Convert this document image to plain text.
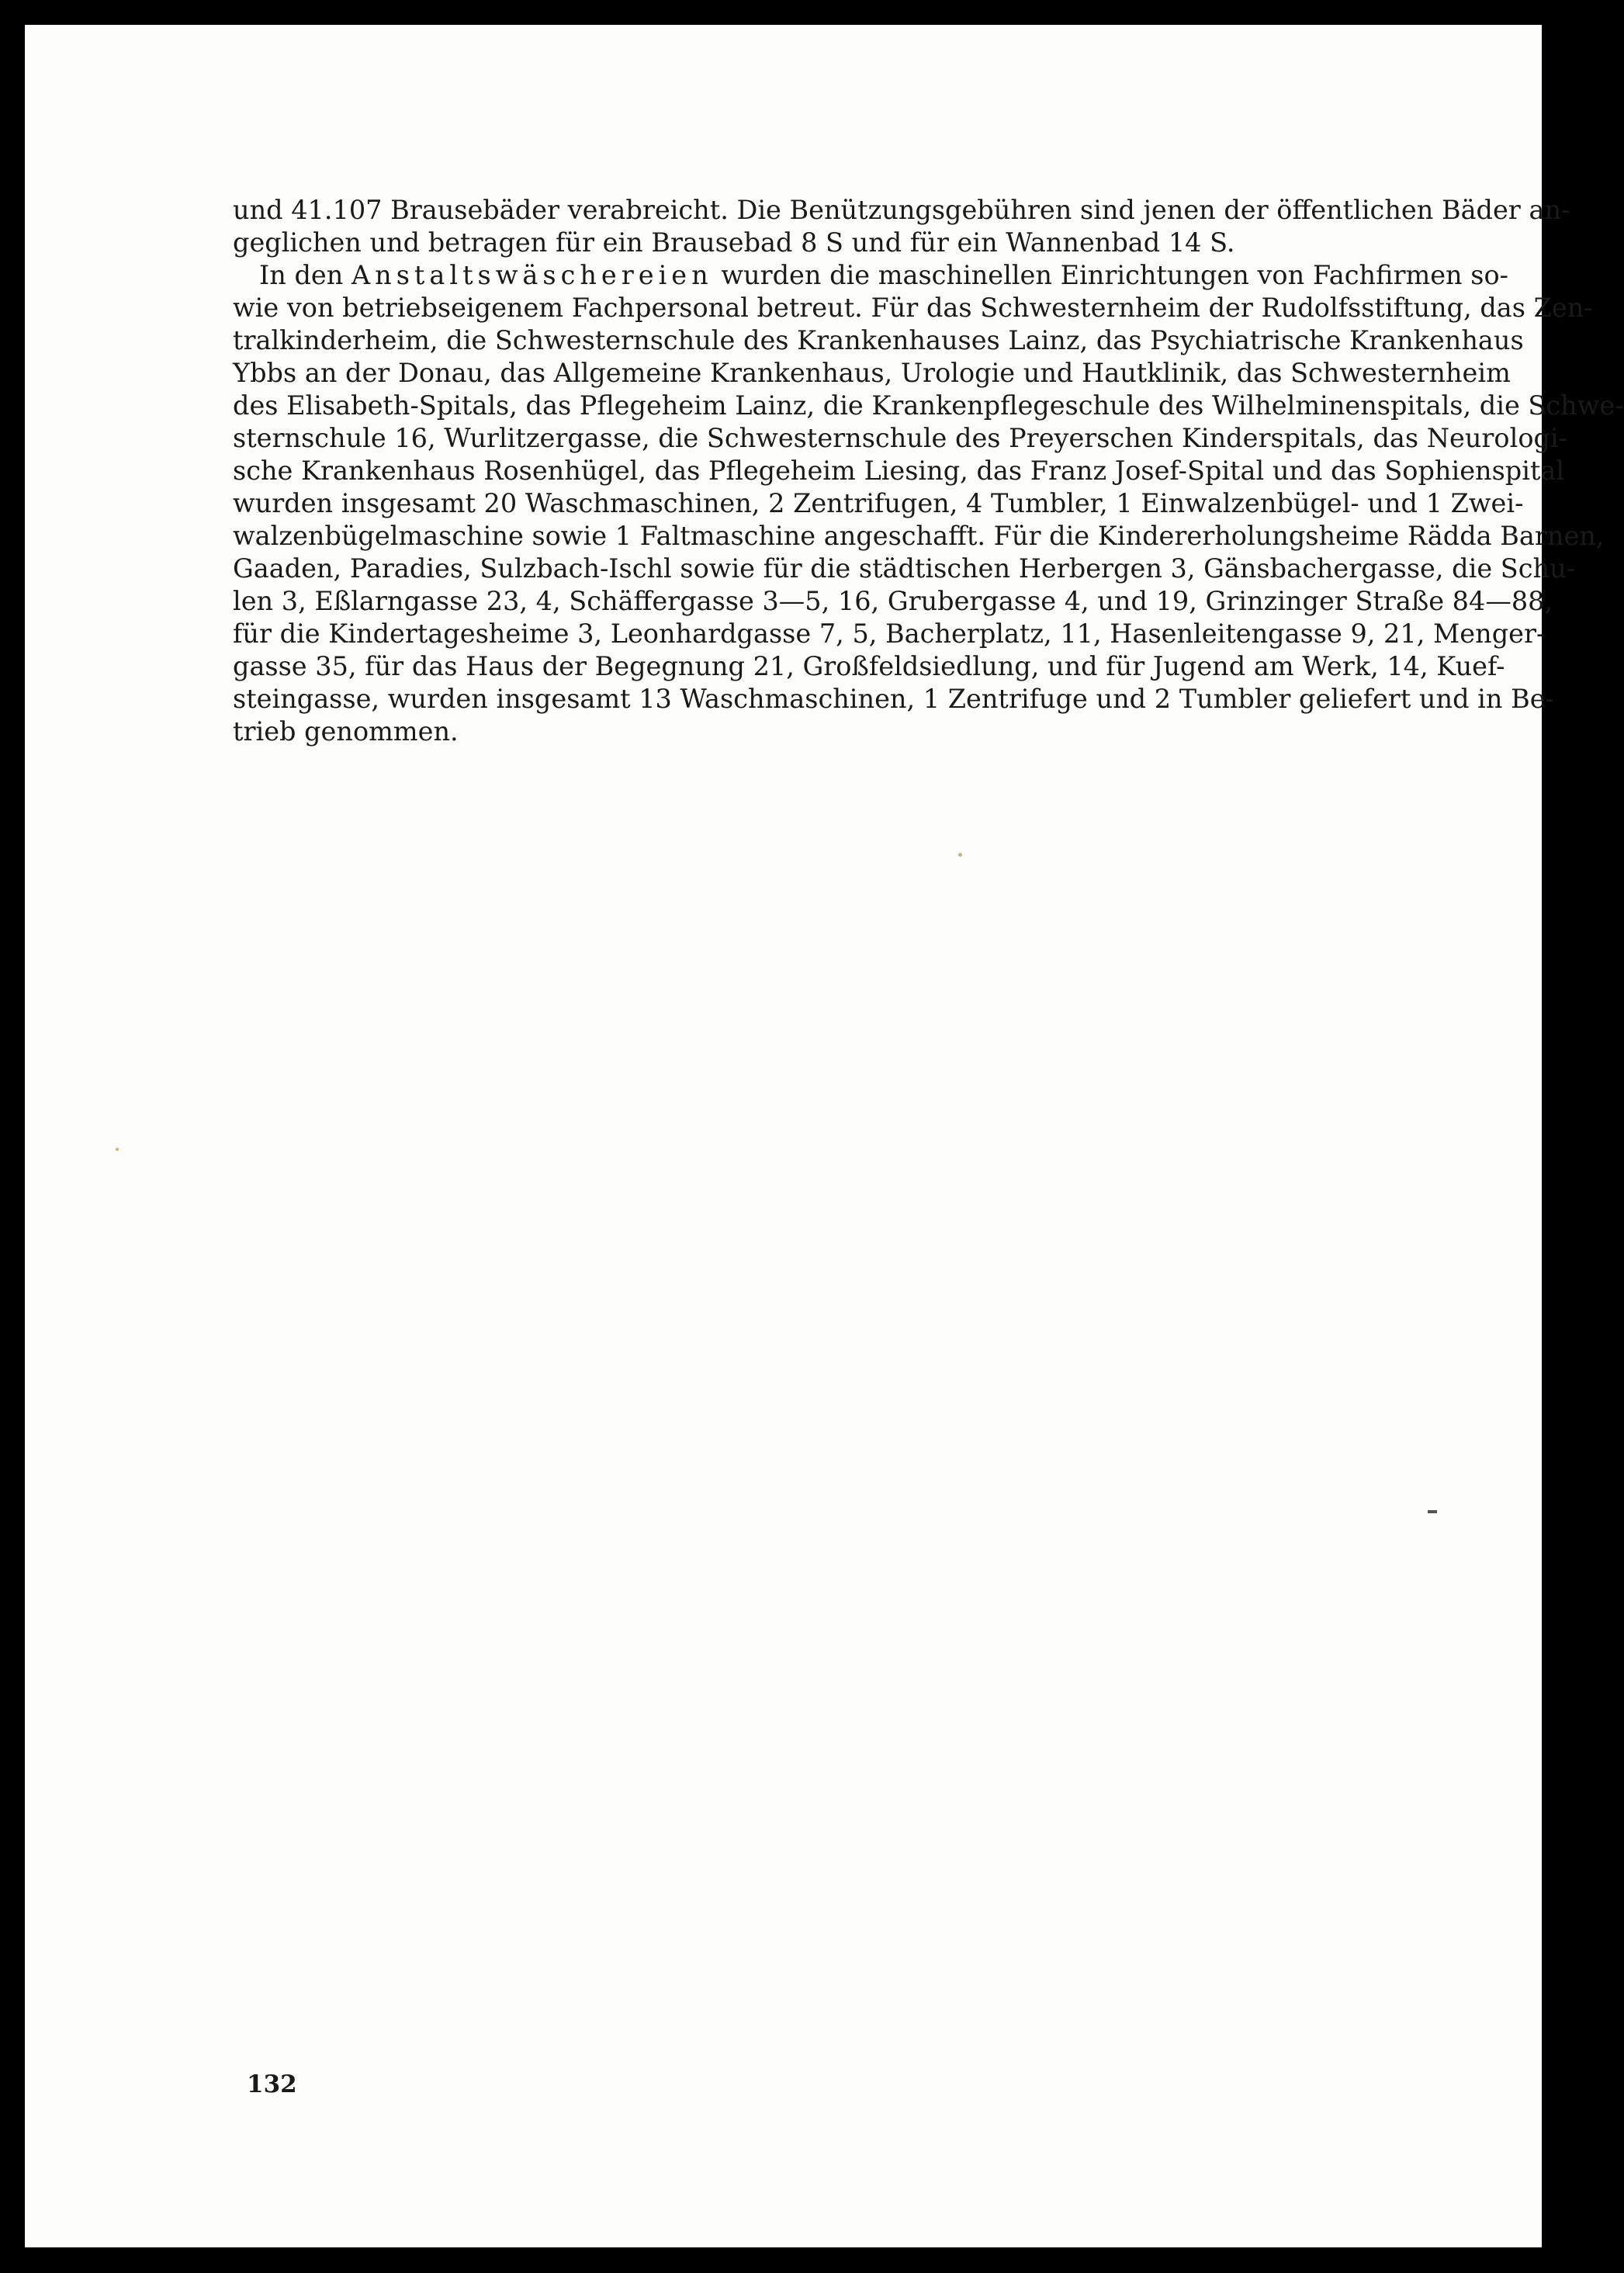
und 41.107 Brausebäder verabreicht. Die Benützungsgebühren sind jenen der öffentlichen Bäder an-
geglichen und betragen für ein Brausebad 8 S und für ein Wannenbad 14 S.
In den Anstaltswäschereien wurden die maschinellen Einrichtungen von Fachfirmen so-
wie von betriebseigenem Fachpersonal betreut. Für das Schwesternheim der Rudolfsstiftung, das Zen-
tralkinderheim, die Schwesternschule des Krankenhauses Lainz, das Psychiatrische Krankenhaus
Ybbs an der Donau, das Allgemeine Krankenhaus, Urologie und Hautklinik, das Schwesternheim
des Elisabeth-Spitals, das Pflegeheim Lainz, die Krankenpflegeschule des Wilhelminenspitals, die Schwe-
sternschule 16, Wurlitzergasse, die Schwesternschule des Preyerschen Kinderspitals, das Neurologi-
sche Krankenhaus Rosenhügel, das Pflegeheim Liesing, das Franz Josef-Spital und das Sophienspital
wurden insgesamt 20 Waschmaschinen, 2 Zentrifugen, 4 Tumbler, 1 Einwalzenbügel- und 1 Zwei-
walzenbügelmaschine sowie 1 Faltmaschine angeschafft. Für die Kindererholungsheime Rädda Barnen,
Gaaden, Paradies, Sulzbach-Ischl sowie für die städtischen Herbergen 3, Gänsbachergasse, die Schu-
len 3, Eßlarngasse 23, 4, Schäffergasse 3—5, 16, Grubergasse 4, und 19, Grinzinger Straße 84—88,
für die Kindertagesheime 3, Leonhardgasse 7, 5, Bacherplatz, 11, Hasenleitengasse 9, 21, Menger-
gasse 35, für das Haus der Begegnung 21, Großfeldsiedlung, und für Jugend am Werk, 14, Kuef-
steingasse, wurden insgesamt 13 Waschmaschinen, 1 Zentrifuge und 2 Tumbler geliefert und in Be-
trieb genommen.
132
